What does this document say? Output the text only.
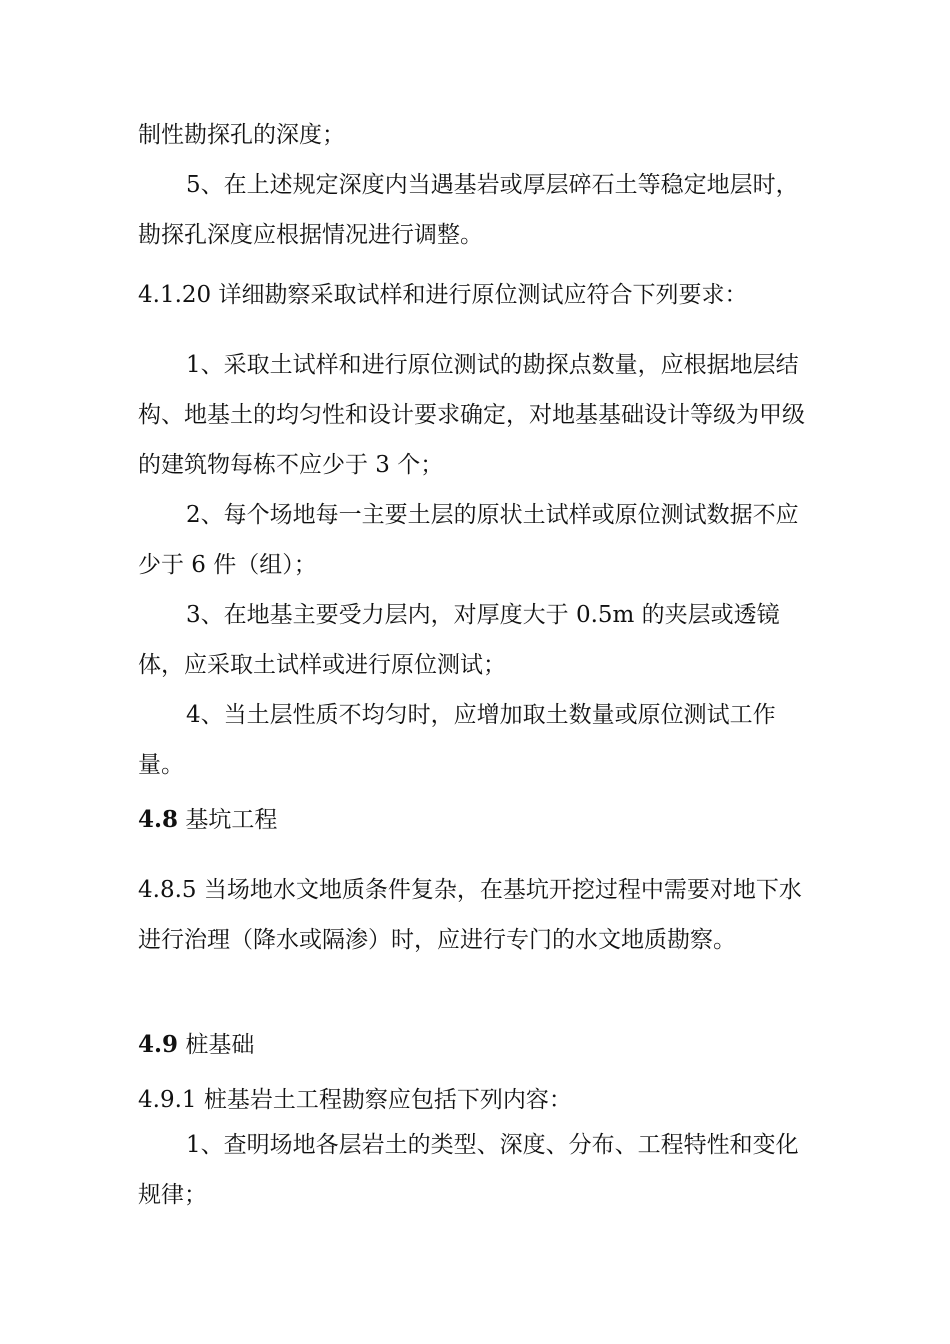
制性勘探孔的深度；

5、在上述规定深度内当遇基岩或厚层碎石土等稳定地层时，勘探孔深度应根据情况进行调整。

4.1.20 详细勘察采取试样和进行原位测试应符合下列要求：

1、采取土试样和进行原位测试的勘探点数量，应根据地层结构、地基土的均匀性和设计要求确定，对地基基础设计等级为甲级的建筑物每栋不应少于 3 个；

2、每个场地每一主要土层的原状土试样或原位测试数据不应少于 6 件（组）；

3、在地基主要受力层内，对厚度大于 0.5m 的夹层或透镜体，应采取土试样或进行原位测试；

4、当土层性质不均匀时，应增加取土数量或原位测试工作量。

4.8 基坑工程

4.8.5 当场地水文地质条件复杂，在基坑开挖过程中需要对地下水进行治理（降水或隔渗）时，应进行专门的水文地质勘察。

4.9 桩基础

4.9.1 桩基岩土工程勘察应包括下列内容：

1、查明场地各层岩土的类型、深度、分布、工程特性和变化规律；
